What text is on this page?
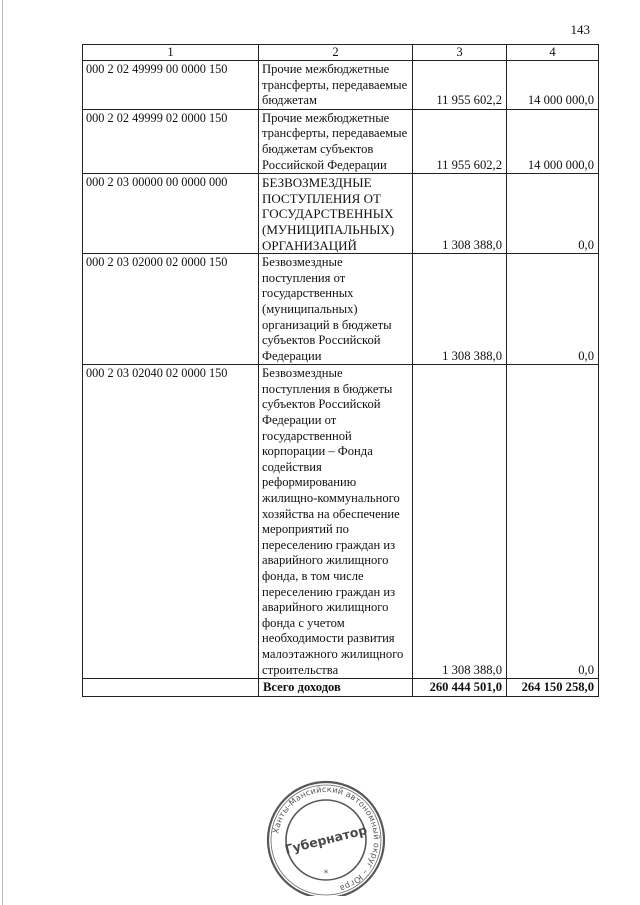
143
1	2	3	4
000 2 02 49999 00 0000 150	Прочие межбюджетные трансферты, передаваемые бюджетам	11 955 602,2	14 000 000,0
000 2 02 49999 02 0000 150	Прочие межбюджетные трансферты, передаваемые бюджетам субъектов Российской Федерации	11 955 602,2	14 000 000,0
000 2 03 00000 00 0000 000	БЕЗВОЗМЕЗДНЫЕ ПОСТУПЛЕНИЯ ОТ ГОСУДАРСТВЕННЫХ (МУНИЦИПАЛЬНЫХ) ОРГАНИЗАЦИЙ	1 308 388,0	0,0
000 2 03 02000 02 0000 150	Безвозмездные поступления от государственных (муниципальных) организаций в бюджеты субъектов Российской Федерации	1 308 388,0	0,0
000 2 03 02040 02 0000 150	Безвозмездные поступления в бюджеты субъектов Российской Федерации от государственной корпорации – Фонда содействия реформированию жилищно-коммунального хозяйства на обеспечение мероприятий по переселению граждан из аварийного жилищного фонда, в том числе переселению граждан из аварийного жилищного фонда с учетом необходимости развития малоэтажного жилищного строительства	1 308 388,0	0,0
	Всего доходов	260 444 501,0	264 150 258,0
Ханты-Мансийский автономный округ – Югра
Губернатор
*
